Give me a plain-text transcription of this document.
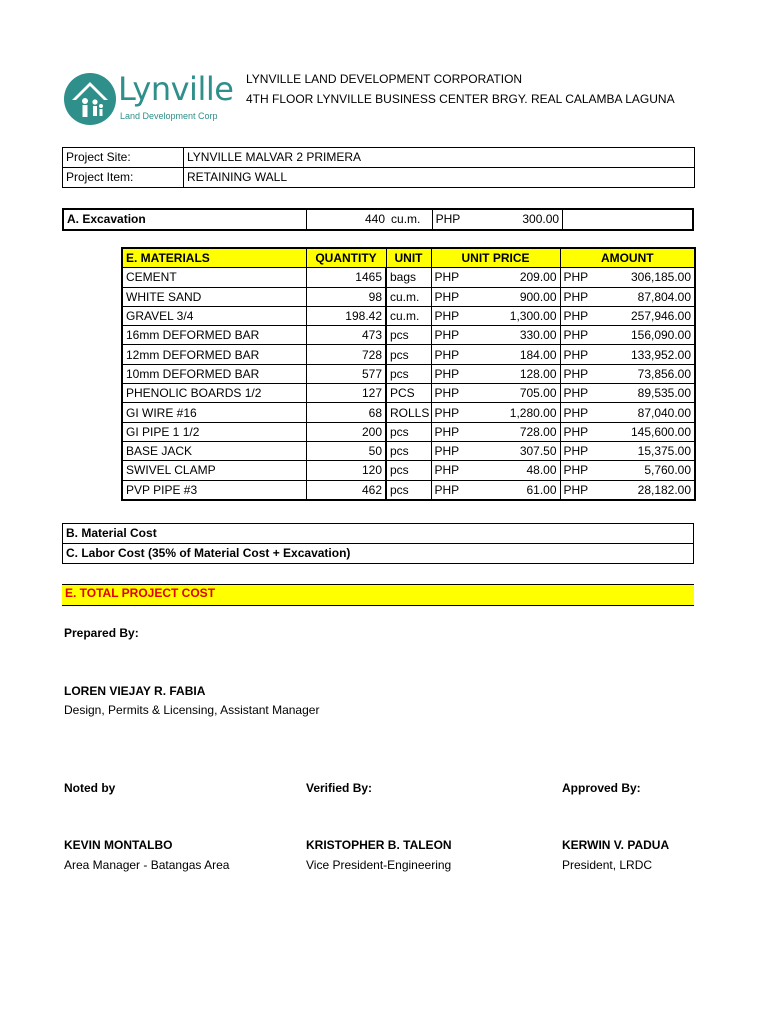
Lynville
Land Development Corp
LYNVILLE LAND DEVELOPMENT CORPORATION
4TH FLOOR LYNVILLE BUSINESS CENTER BRGY. REAL CALAMBA LAGUNA
Project Site:	LYNVILLE MALVAR 2 PRIMERA
Project Item:	RETAINING WALL
A. Excavation	440	cu.m.	PHP	300.00	
E. MATERIALS	QUANTITY	UNIT	UNIT PRICE		AMOUNT	
CEMENT	1465	bags	PHP	209.00	PHP	306,185.00
WHITE SAND	98	cu.m.	PHP	900.00	PHP	87,804.00
GRAVEL 3/4	198.42	cu.m.	PHP	1,300.00	PHP	257,946.00
16mm DEFORMED BAR	473	pcs	PHP	330.00	PHP	156,090.00
12mm DEFORMED BAR	728	pcs	PHP	184.00	PHP	133,952.00
10mm DEFORMED BAR	577	pcs	PHP	128.00	PHP	73,856.00
PHENOLIC BOARDS 1/2	127	PCS	PHP	705.00	PHP	89,535.00
GI WIRE #16	68	ROLLS	PHP	1,280.00	PHP	87,040.00
GI PIPE 1 1/2	200	pcs	PHP	728.00	PHP	145,600.00
BASE JACK	50	pcs	PHP	307.50	PHP	15,375.00
SWIVEL CLAMP	120	pcs	PHP	48.00	PHP	5,760.00
PVP PIPE #3	462	pcs	PHP	61.00	PHP	28,182.00
B. Material Cost
C. Labor Cost (35% of Material Cost + Excavation)
E. TOTAL PROJECT COST
Prepared By:
LOREN VIEJAY R. FABIA
Design, Permits & Licensing, Assistant Manager
Noted by
KEVIN MONTALBO
Area Manager - Batangas Area
Verified By:
KRISTOPHER B. TALEON
Vice President-Engineering
Approved By:
KERWIN V. PADUA
President, LRDC
